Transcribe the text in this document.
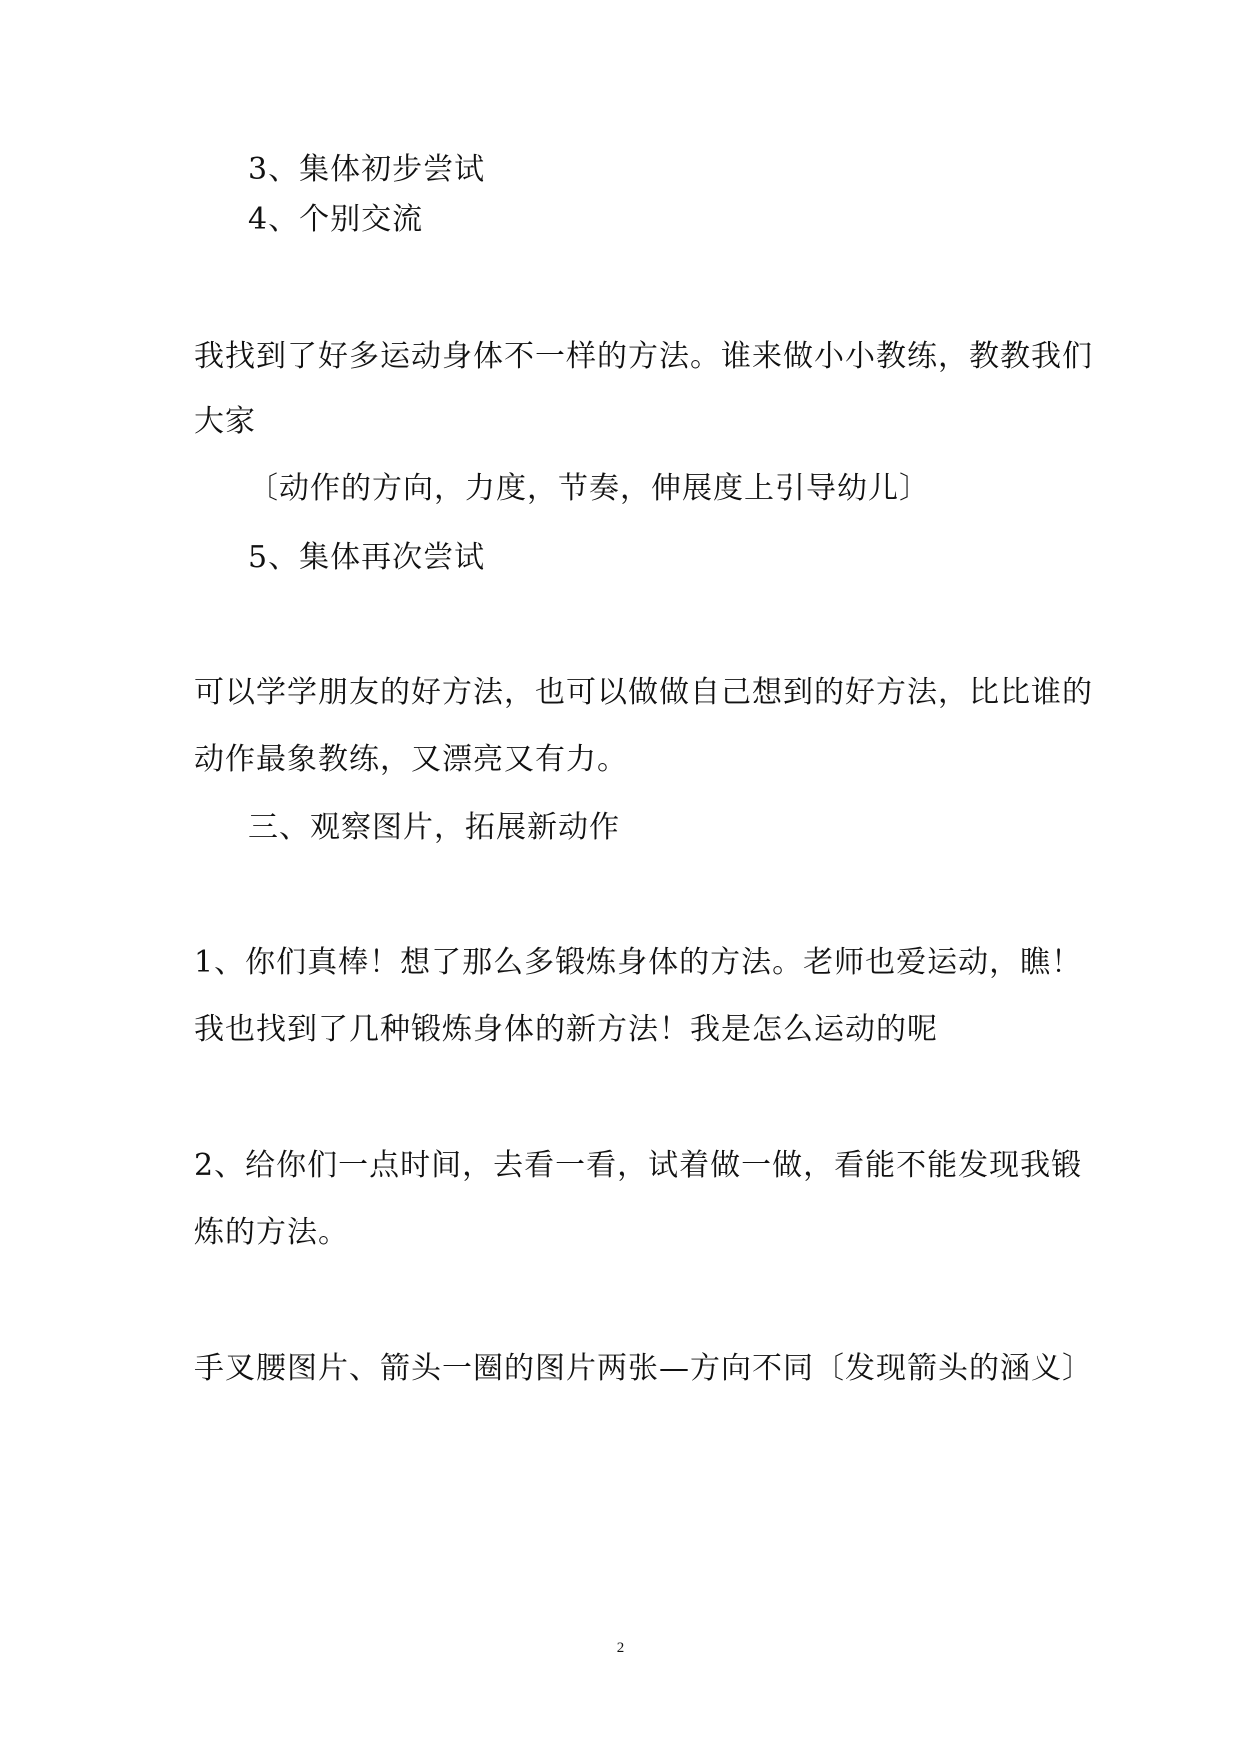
3、集体初步尝试
4、个别交流
我找到了好多运动身体不一样的方法。谁来做小小教练，教教我们
大家
〔动作的方向，力度，节奏，伸展度上引导幼儿〕
5、集体再次尝试
可以学学朋友的好方法，也可以做做自己想到的好方法，比比谁的
动作最象教练，又漂亮又有力。
三、观察图片，拓展新动作
1、你们真棒！想了那么多锻炼身体的方法。老师也爱运动，瞧！
我也找到了几种锻炼身体的新方法！我是怎么运动的呢
2、给你们一点时间，去看一看，试着做一做，看能不能发现我锻
炼的方法。
手叉腰图片、箭头一圈的图片两张—方向不同〔发现箭头的涵义〕
2
